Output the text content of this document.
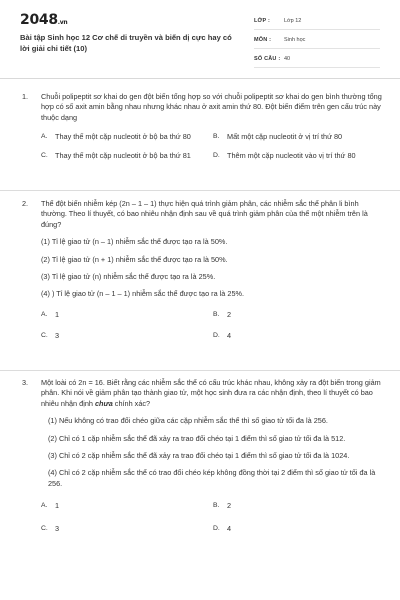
2048.vn
Bài tập Sinh học 12 Cơ chế di truyền và biến dị cực hay có lời giải chi tiết (10)
LỚP :	Lớp 12
MÔN :	Sinh học
SỐ CÂU : 40
1.	Chuỗi polipeptit sơ khai do gen đột biến tổng hợp so với chuỗi polipeptit sơ khai do gen bình thường tổng hợp có số axit amin bằng nhau nhưng khác nhau ở axit amin thứ 80. Đột biến điểm trên gen cấu trúc này thuộc dạng
A.	Thay thế một cặp nucleotit ở bộ ba thứ 80	B.	Mất một cặp nucleotit ở vị trí thứ 80
C. Thay thế một cặp nucleotit ở bộ ba thứ 81	D. Thêm một cặp nucleotit vào vị trí thứ 80
2.	Thể đột biến nhiễm kép (2n – 1 – 1) thực hiện quá trình giảm phân, các nhiễm sắc thể phân li bình thường. Theo lí thuyết, có bao nhiêu nhận định sau về quá trình giảm phân của thể một nhiễm trên là đúng?
(1) Tỉ lệ giao tử (n – 1) nhiễm sắc thể được tạo ra là 50%.
(2) Tỉ lệ giao tử (n + 1) nhiễm sắc thể được tạo ra là 50%.
(3) Tỉ lệ giao tử (n) nhiễm sắc thể được tạo ra là 25%.
(4) ) Tỉ lệ giao tử (n – 1 – 1) nhiễm sắc thể được tạo ra là 25%.
A.	1	B.	2
C. 3	D. 4
3.	Một loài có 2n = 16. Biết rằng các nhiễm sắc thể có cấu trúc khác nhau, không xảy ra đột biến trong giảm phân. Khi nói về giảm phân tạo thành giao tử, một học sinh đưa ra các nhận định, theo lí thuyết có bao nhiêu nhận định chưa chính xác?
(1) Nếu không có trao đổi chéo giữa các cặp nhiễm sắc thể thì số giao tử tối đa là 256.
(2) Chỉ có 1 cặp nhiễm sắc thể đã xảy ra trao đổi chéo tại 1 điểm thì số giao tử tối đa là 512.
(3) Chỉ có 2 cặp nhiễm sắc thể đã xảy ra trao đổi chéo tại 1 điểm thì số giao tử tối đa là 1024.
(4) Chỉ có 2 cặp nhiễm sắc thể có trao đổi chéo kép không đồng thời tại 2 điểm thì số giao tử tối đa là 256.
A.	1	B.	2
C. 3	D. 4
